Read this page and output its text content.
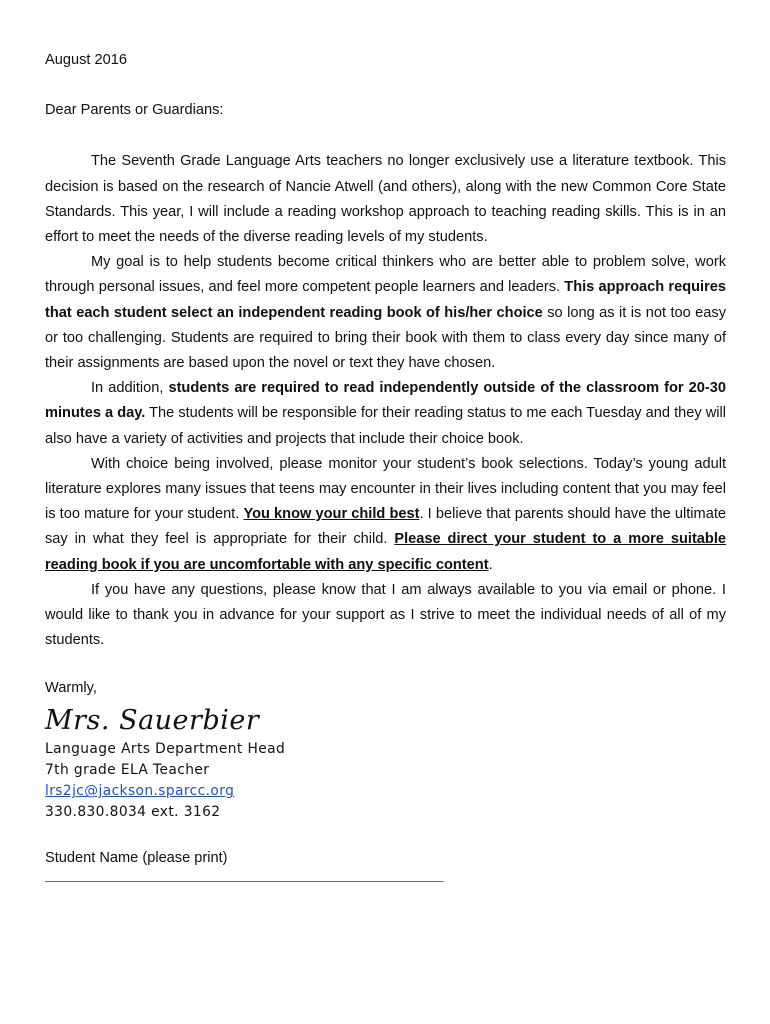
August 2016

Dear Parents or Guardians:

The Seventh Grade Language Arts teachers no longer exclusively use a literature textbook. This decision is based on the research of Nancie Atwell (and others), along with the new Common Core State Standards. This year, I will include a reading workshop approach to teaching reading skills. This is in an effort to meet the needs of the diverse reading levels of my students.

My goal is to help students become critical thinkers who are better able to problem solve, work through personal issues, and feel more competent people learners and leaders. This approach requires that each student select an independent reading book of his/her choice so long as it is not too easy or too challenging. Students are required to bring their book with them to class every day since many of their assignments are based upon the novel or text they have chosen.

In addition, students are required to read independently outside of the classroom for 20-30 minutes a day. The students will be responsible for their reading status to me each Tuesday and they will also have a variety of activities and projects that include their choice book.

With choice being involved, please monitor your student’s book selections. Today’s young adult literature explores many issues that teens may encounter in their lives including content that you may feel is too mature for your student. You know your child best. I believe that parents should have the ultimate say in what they feel is appropriate for their child. Please direct your student to a more suitable reading book if you are uncomfortable with any specific content.

If you have any questions, please know that I am always available to you via email or phone. I would like to thank you in advance for your support as I strive to meet the individual needs of all of my students.

Warmly,

Mrs. Sauerbier
Language Arts Department Head
7th grade ELA Teacher
lrs2jc@jackson.sparcc.org
330.830.8034 ext. 3162

Student Name (please print)

________________________________________________________
